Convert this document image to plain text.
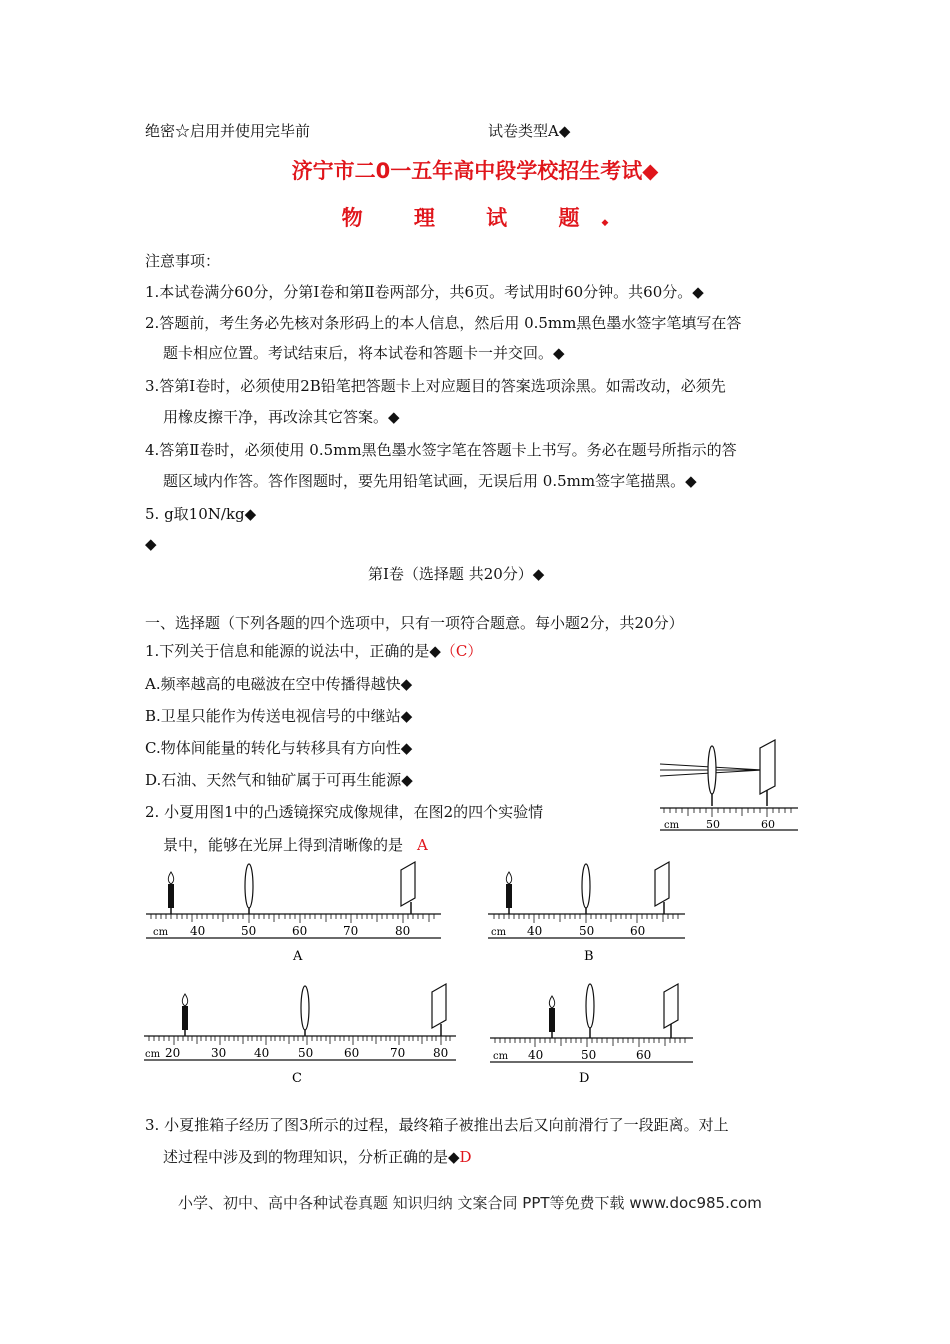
绝密☆启用并使用完毕前	试卷类型A◆
济宁市二0一五年高中段学校招生考试◆
物 理 试 题◆
注意事项：
1.本试卷满分60分，分第Ⅰ卷和第Ⅱ卷两部分，共6页。考试用时60分钟。共60分。◆
2.答题前，考生务必先核对条形码上的本人信息，然后用 0.5mm黑色墨水签字笔填写在答
题卡相应位置。考试结束后，将本试卷和答题卡一并交回。◆
3.答第Ⅰ卷时，必须使用2B铅笔把答题卡上对应题目的答案选项涂黑。如需改动，必须先
用橡皮擦干净，再改涂其它答案。◆
4.答第Ⅱ卷时，必须使用 0.5mm黑色墨水签字笔在答题卡上书写。务必在题号所指示的答
题区域内作答。答作图题时，要先用铅笔试画，无误后用 0.5mm签字笔描黑。◆
5. g取10N/kg◆
◆
第Ⅰ卷（选择题 共20分）◆
一、选择题（下列各题的四个选项中，只有一项符合题意。每小题2分，共20分）
1.下列关于信息和能源的说法中，正确的是◆（C）
A.频率越高的电磁波在空中传播得越快◆
B.卫星只能作为传送电视信号的中继站◆
C.物体间能量的转化与转移具有方向性◆
D.石油、天然气和铀矿属于可再生能源◆
2. 小夏用图1中的凸透镜探究成像规律，在图2的四个实验情
景中，能够在光屏上得到清晰像的是 A
cm 50	60
cm 40	50	60	70	80
A
cm 40	50	60
B
cm 20	30 40 50	60	70 80
C
cm 40	50	60
D
3. 小夏推箱子经历了图3所示的过程，最终箱子被推出去后又向前滑行了一段距离。对上
述过程中涉及到的物理知识，分析正确的是◆D
小学、初中、高中各种试卷真题 知识归纳 文案合同 PPT等免费下载 www.doc985.com
